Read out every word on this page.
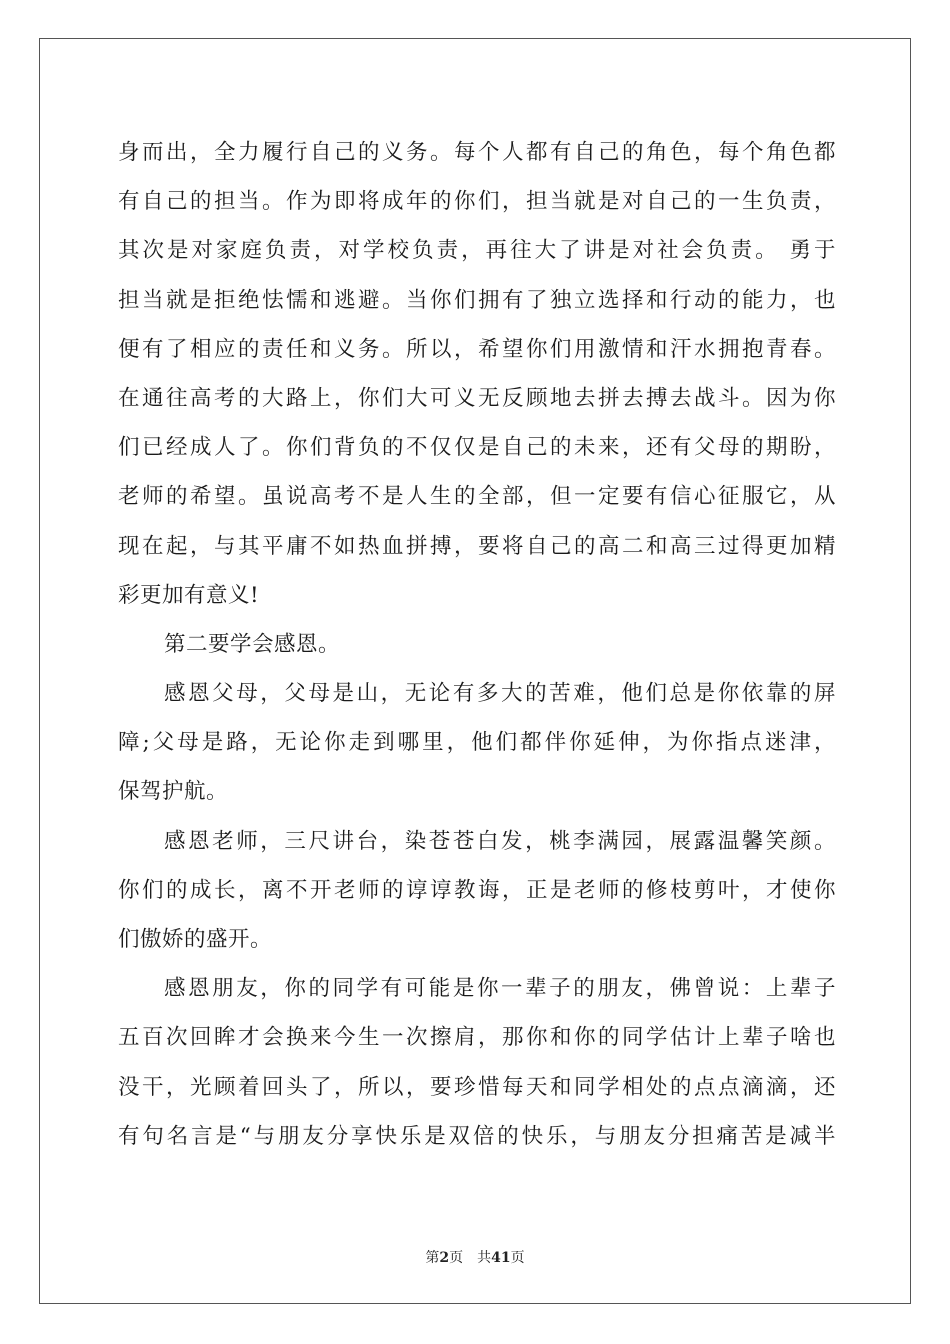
身而出，全力履行自己的义务。每个人都有自己的角色，每个角色都
有自己的担当。作为即将成年的你们，担当就是对自己的一生负责，
其次是对家庭负责，对学校负责，再往大了讲是对社会负责。 勇于
担当就是拒绝怯懦和逃避。当你们拥有了独立选择和行动的能力，也
便有了相应的责任和义务。所以，希望你们用激情和汗水拥抱青春。
在通往高考的大路上，你们大可义无反顾地去拼去搏去战斗。因为你
们已经成人了。你们背负的不仅仅是自己的未来，还有父母的期盼，
老师的希望。虽说高考不是人生的全部，但一定要有信心征服它，从
现在起，与其平庸不如热血拼搏，要将自己的高二和高三过得更加精
彩更加有意义!
第二要学会感恩。
感恩父母，父母是山，无论有多大的苦难，他们总是你依靠的屏
障;父母是路，无论你走到哪里，他们都伴你延伸，为你指点迷津，
保驾护航。
感恩老师，三尺讲台，染苍苍白发，桃李满园，展露温馨笑颜。
你们的成长，离不开老师的谆谆教诲，正是老师的修枝剪叶，才使你
们傲娇的盛开。
感恩朋友，你的同学有可能是你一辈子的朋友，佛曾说：上辈子
五百次回眸才会换来今生一次擦肩，那你和你的同学估计上辈子啥也
没干，光顾着回头了，所以，要珍惜每天和同学相处的点点滴滴，还
有句名言是“与朋友分享快乐是双倍的快乐，与朋友分担痛苦是减半
第2页　共41页
